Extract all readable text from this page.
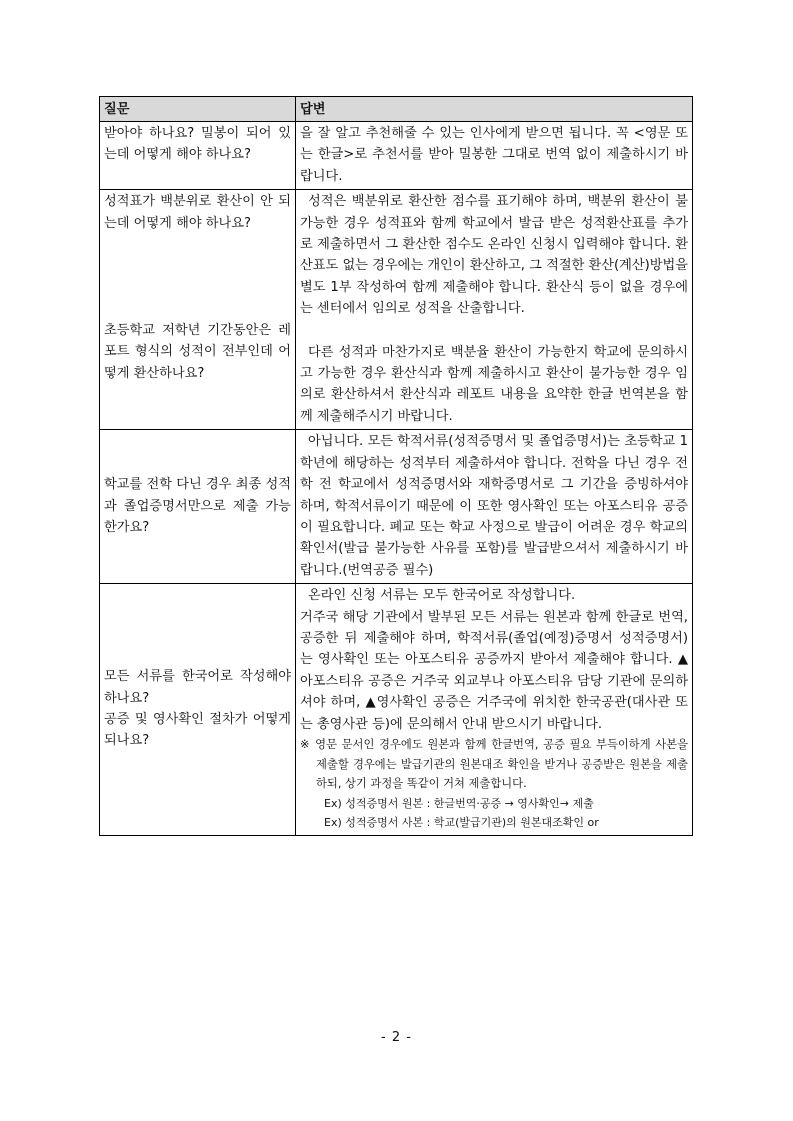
질문	답변

받아야 하나요? 밀봉이 되어 있는데 어떻게 해야 하나요?	을 잘 알고 추천해줄 수 있는 인사에게 받으면 됩니다. 꼭 <영문 또는 한글>로 추천서를 받아 밀봉한 그대로 번역 없이 제출하시기 바랍니다.

성적표가 백분위로 환산이 안 되는데 어떻게 해야 하나요?
초등학교 저학년 기간동안은 레포트 형식의 성적이 전부인데 어떻게 환산하나요?	성적은 백분위로 환산한 점수를 표기해야 하며, 백분위 환산이 불가능한 경우 성적표와 함께 학교에서 발급 받은 성적환산표를 추가로 제출하면서 그 환산한 점수도 온라인 신청시 입력해야 합니다. 환산표도 없는 경우에는 개인이 환산하고, 그 적절한 환산(계산)방법을 별도 1부 작성하여 함께 제출해야 합니다. 환산식 등이 없을 경우에는 센터에서 임의로 성적을 산출합니다.
다른 성적과 마찬가지로 백분율 환산이 가능한지 학교에 문의하시고 가능한 경우 환산식과 함께 제출하시고 환산이 불가능한 경우 임의로 환산하셔서 환산식과 레포트 내용을 요약한 한글 번역본을 함께 제출해주시기 바랍니다.

학교를 전학 다닌 경우 최종 성적과 졸업증명서만으로 제출 가능한가요?	아닙니다. 모든 학적서류(성적증명서 및 졸업증명서)는 초등학교 1학년에 해당하는 성적부터 제출하셔야 합니다. 전학을 다닌 경우 전학 전 학교에서 성적증명서와 재학증명서로 그 기간을 증빙하셔야 하며, 학적서류이기 때문에 이 또한 영사확인 또는 아포스티유 공증이 필요합니다. 폐교 또는 학교 사정으로 발급이 어려운 경우 학교의 확인서(발급 불가능한 사유를 포함)를 발급받으셔서 제출하시기 바랍니다.(번역공증 필수)

모든 서류를 한국어로 작성해야 하나요?
공증 및 영사확인 절차가 어떻게 되나요?	온라인 신청 서류는 모두 한국어로 작성합니다.
거주국 해당 기관에서 발부된 모든 서류는 원본과 함께 한글로 번역, 공증한 뒤 제출해야 하며, 학적서류(졸업(예정)증명서 성적증명서)는 영사확인 또는 아포스티유 공증까지 받아서 제출해야 합니다. ▲아포스티유 공증은 거주국 외교부나 아포스티유 담당 기관에 문의하셔야 하며, ▲영사확인 공증은 거주국에 위치한 한국공관(대사관 또는 총영사관 등)에 문의해서 안내 받으시기 바랍니다.
※ 영문 문서인 경우에도 원본과 함께 한글번역, 공증 필요 부득이하게 사본을 제출할 경우에는 발급기관의 원본대조 확인을 받거나 공증받은 원본을 제출하되, 상기 과정을 똑같이 거쳐 제출합니다.
Ex) 성적증명서 원본 : 한글번역·공증 → 영사확인→ 제출
Ex) 성적증명서 사본 : 학교(발급기관)의 원본대조확인 or
- 2 -
